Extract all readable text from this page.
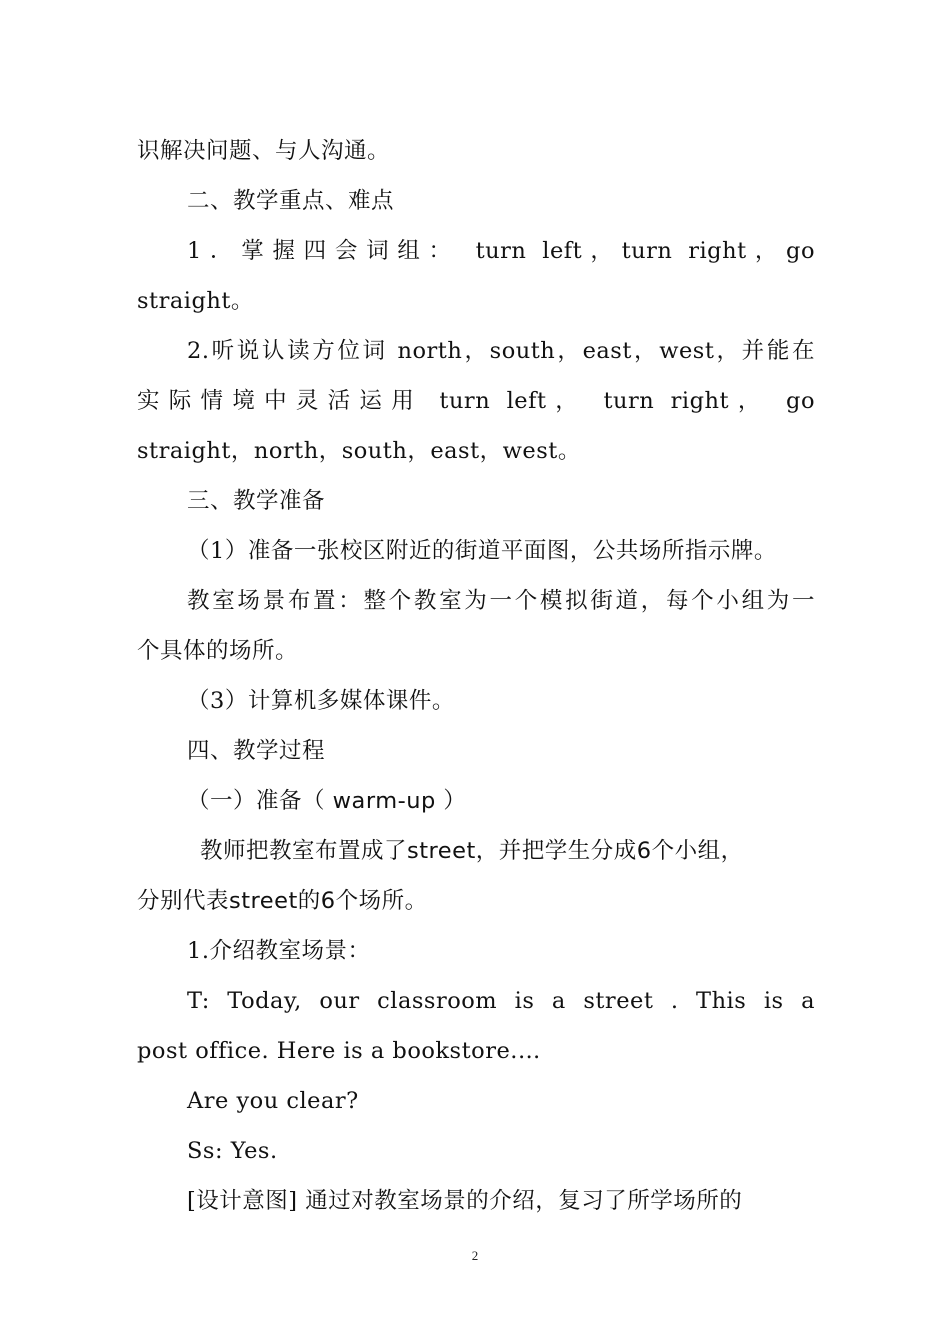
识解决问题、与人沟通。
二、教学重点、难点
1．掌握四会词组： turn left，turn right，go
straight。
2.听说认读方位词 north，south，east，west，并能在
实际情境中灵活运用 turn left， turn right， go
straight，north，south，east，west。
三、教学准备
（1）准备一张校区附近的街道平面图，公共场所指示牌。
教室场景布置：整个教室为一个模拟街道，每个小组为一
个具体的场所。
（3）计算机多媒体课件。
四、教学过程
（一）准备（ warm-up ）
教师把教室布置成了street，并把学生分成6个小组，
分别代表street的6个场所。
1.介绍教室场景：
T: Today, our classroom is a street . This is a
post office. Here is a bookstore.…
Are you clear?
Ss: Yes.
[设计意图] 通过对教室场景的介绍，复习了所学场所的
2
